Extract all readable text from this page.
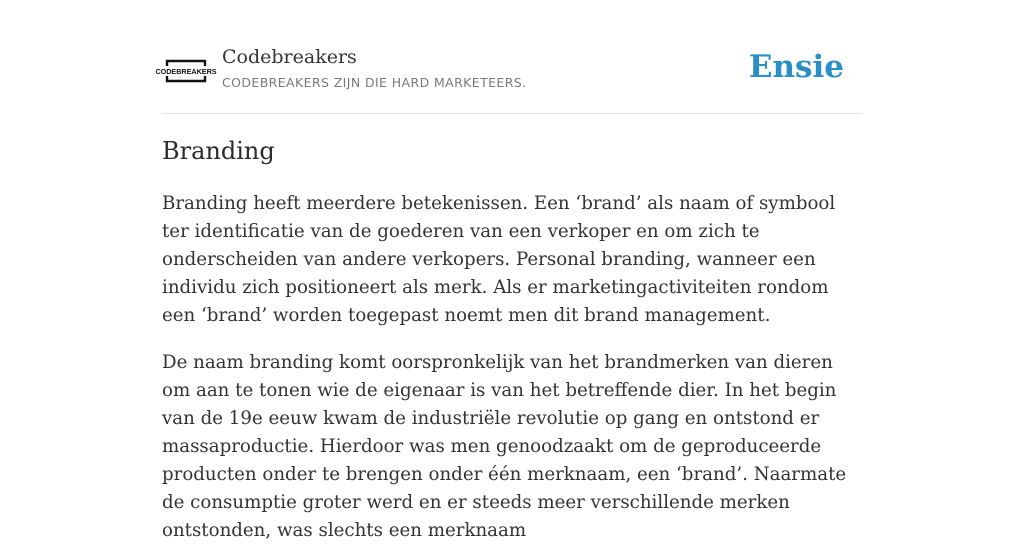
CODEBREAKERS
Codebreakers
CODEBREAKERS ZIJN DIE HARD MARKETEERS.	Ensie
Branding

Branding heeft meerdere betekenissen. Een ‘brand’ als naam of symbool ter identificatie van de goederen van een verkoper en om zich te onderscheiden van andere verkopers. Personal branding, wanneer een individu zich positioneert als merk. Als er marketingactiviteiten rondom een ‘brand’ worden toegepast noemt men dit brand management.

De naam branding komt oorspronkelijk van het brandmerken van dieren om aan te tonen wie de eigenaar is van het betreffende dier. In het begin van de 19e eeuw kwam de industriële revolutie op gang en ontstond er massaproductie. Hierdoor was men genoodzaakt om de geproduceerde producten onder te brengen onder één merknaam, een ‘brand’. Naarmate de consumptie groter werd en er steeds meer verschillende merken ontstonden, was slechts een merknaam
